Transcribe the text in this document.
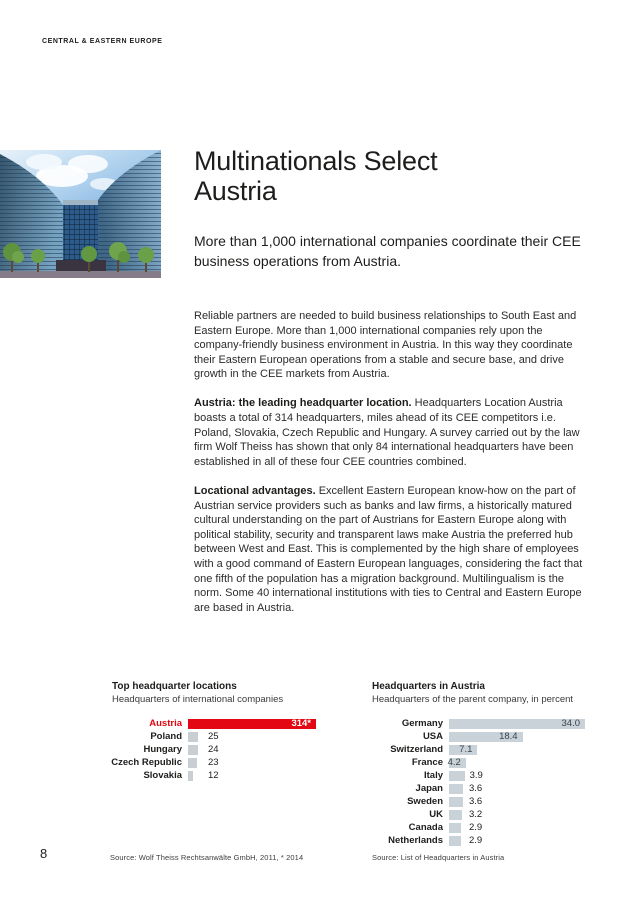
CENTRAL & EASTERN EUROPE
Multinationals Select
Austria
More than 1,000 international companies coordinate their CEE business operations from Austria.

Reliable partners are needed to build business relationships to South East and Eastern Europe. More than 1,000 international companies rely upon the company-friendly business environment in Austria. In this way they coordinate their Eastern European operations from a stable and secure base, and drive growth in the CEE markets from Austria.

Austria: the leading headquarter location. Headquarters Location Austria boasts a total of 314 headquarters, miles ahead of its CEE competitors i.e. Poland, Slovakia, Czech Republic and Hungary. A survey carried out by the law firm Wolf Theiss has shown that only 84 international headquarters have been established in all of these four CEE countries combined.

Locational advantages. Excellent Eastern European know-how on the part of Austrian service providers such as banks and law firms, a historically matured cultural understanding on the part of Austrians for Eastern Europe along with political stability, security and transparent laws make Austria the preferred hub between West and East. This is complemented by the high share of employees with a good command of Eastern European languages, considering the fact that one fifth of the population has a migration background. Multilingualism is the norm. Some 40 international institutions with ties to Central and Eastern Europe are based in Austria.

Top headquarter locations
Headquarters of international companies
Austria	314*
Poland	25
Hungary	24
Czech Republic	23
Slovakia	12
Headquarters in Austria
Headquarters of the parent company, in percent
Germany	34.0
USA	18.4
Switzerland 7.1
France 4.2
Italy	3.9
Japan	3.6
Sweden	3.6
UK	3.2
Canada	2.9
Netherlands	2.9
Source: Wolf Theiss Rechtsanwälte GmbH, 2011, * 2014	Source: List of Headquarters in Austria
8
